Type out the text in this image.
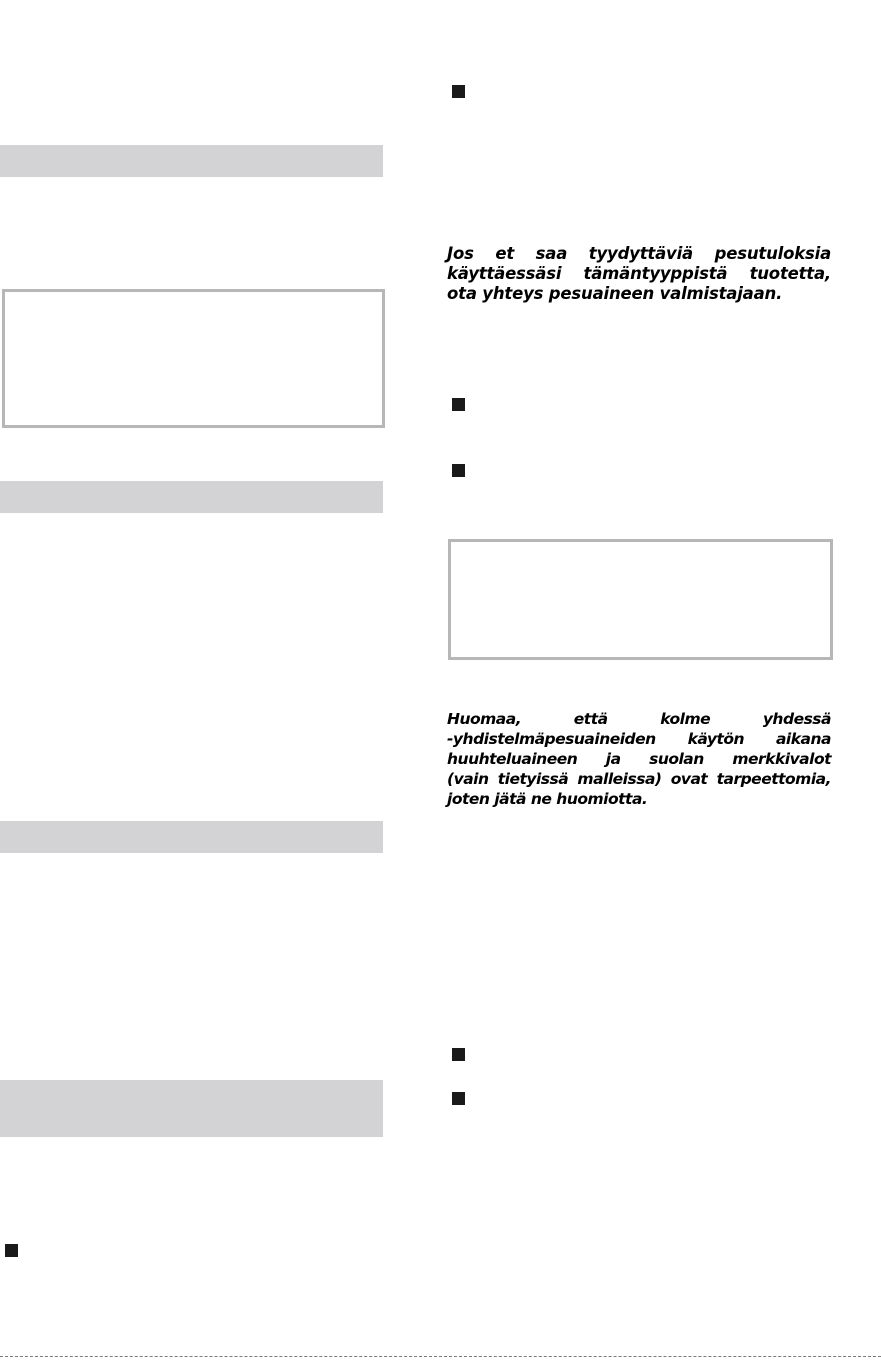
Jos et saa tyydyttäviä pesutuloksia
käyttäessäsi tämäntyyppistä tuotetta,
ota yhteys pesuaineen valmistajaan.

Huomaa, että kolme yhdessä
-yhdistelmäpesuaineiden käytön aikana
huuhteluaineen ja suolan merkkivalot
(vain tietyissä malleissa) ovat tarpeettomia,
joten jätä ne huomiotta.
